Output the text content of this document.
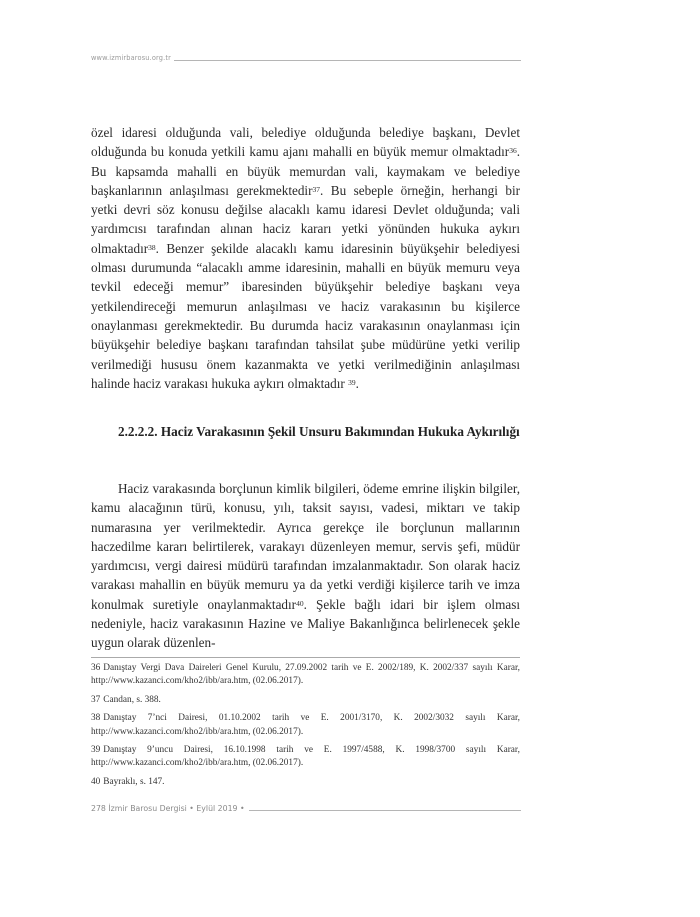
www.izmirbarosu.org.tr

özel idaresi olduğunda vali, belediye olduğunda belediye başkanı, Devlet olduğunda bu konuda yetkili kamu ajanı mahalli en büyük memur olmaktadır$^{36}$. Bu kapsamda mahalli en büyük memurdan vali, kaymakam ve belediye başkanlarının anlaşılması gerekmektedir$^{37}$. Bu sebeple örneğin, herhangi bir yetki devri söz konusu değilse alacaklı kamu idaresi Devlet olduğunda; vali yardımcısı tarafından alınan haciz kararı yetki yönünden hukuka aykırı olmaktadır$^{38}$. Benzer şekilde alacaklı kamu idaresinin büyükşehir belediyesi olması durumunda “alacaklı amme idaresinin, mahalli en büyük memuru veya tevkil edeceği memur” ibaresinden büyükşehir belediye başkanı veya yetkilendireceği memurun anlaşılması ve haciz varakasının bu kişilerce onaylanması gerekmektedir. Bu durumda haciz varakasının onaylanması için büyükşehir belediye başkanı tarafından tahsilat şube müdürüne yetki verilip verilmediği hususu önem kazanmakta ve yetki verilmediğinin anlaşılması halinde haciz varakası hukuka aykırı olmaktadır $^{39}$.

2.2.2.2. Haciz Varakasının Şekil Unsuru Bakımından Hukuka Aykırılığı

Haciz varakasında borçlunun kimlik bilgileri, ödeme emrine ilişkin bilgiler, kamu alacağının türü, konusu, yılı, taksit sayısı, vadesi, miktarı ve takip numarasına yer verilmektedir. Ayrıca gerekçe ile borçlunun mallarının haczedilme kararı belirtilerek, varakayı düzenleyen memur, servis şefi, müdür yardımcısı, vergi dairesi müdürü tarafından imzalanmaktadır. Son olarak haciz varakası mahallin en büyük memuru ya da yetki verdiği kişilerce tarih ve imza konulmak suretiyle onaylanmaktadır$^{40}$. Şekle bağlı idari bir işlem olması nedeniyle, haciz varakasının Hazine ve Maliye Bakanlığınca belirlenecek şekle uygun olarak düzenlen-

36 Danıştay Vergi Dava Daireleri Genel Kurulu, 27.09.2002 tarih ve E. 2002/189, K. 2002/337 sayılı Karar, http://www.kazanci.com/kho2/ibb/ara.htm, (02.06.2017).

37 Candan, s. 388.

38 Danıştay 7’nci Dairesi, 01.10.2002 tarih ve E. 2001/3170, K. 2002/3032 sayılı Karar, http://www.kazanci.com/kho2/ibb/ara.htm, (02.06.2017).

39 Danıştay 9’uncu Dairesi, 16.10.1998 tarih ve E. 1997/4588, K. 1998/3700 sayılı Karar, http://www.kazanci.com/kho2/ibb/ara.htm, (02.06.2017).

40 Bayraklı, s. 147.

278 İzmir Barosu Dergisi • Eylül 2019 •
